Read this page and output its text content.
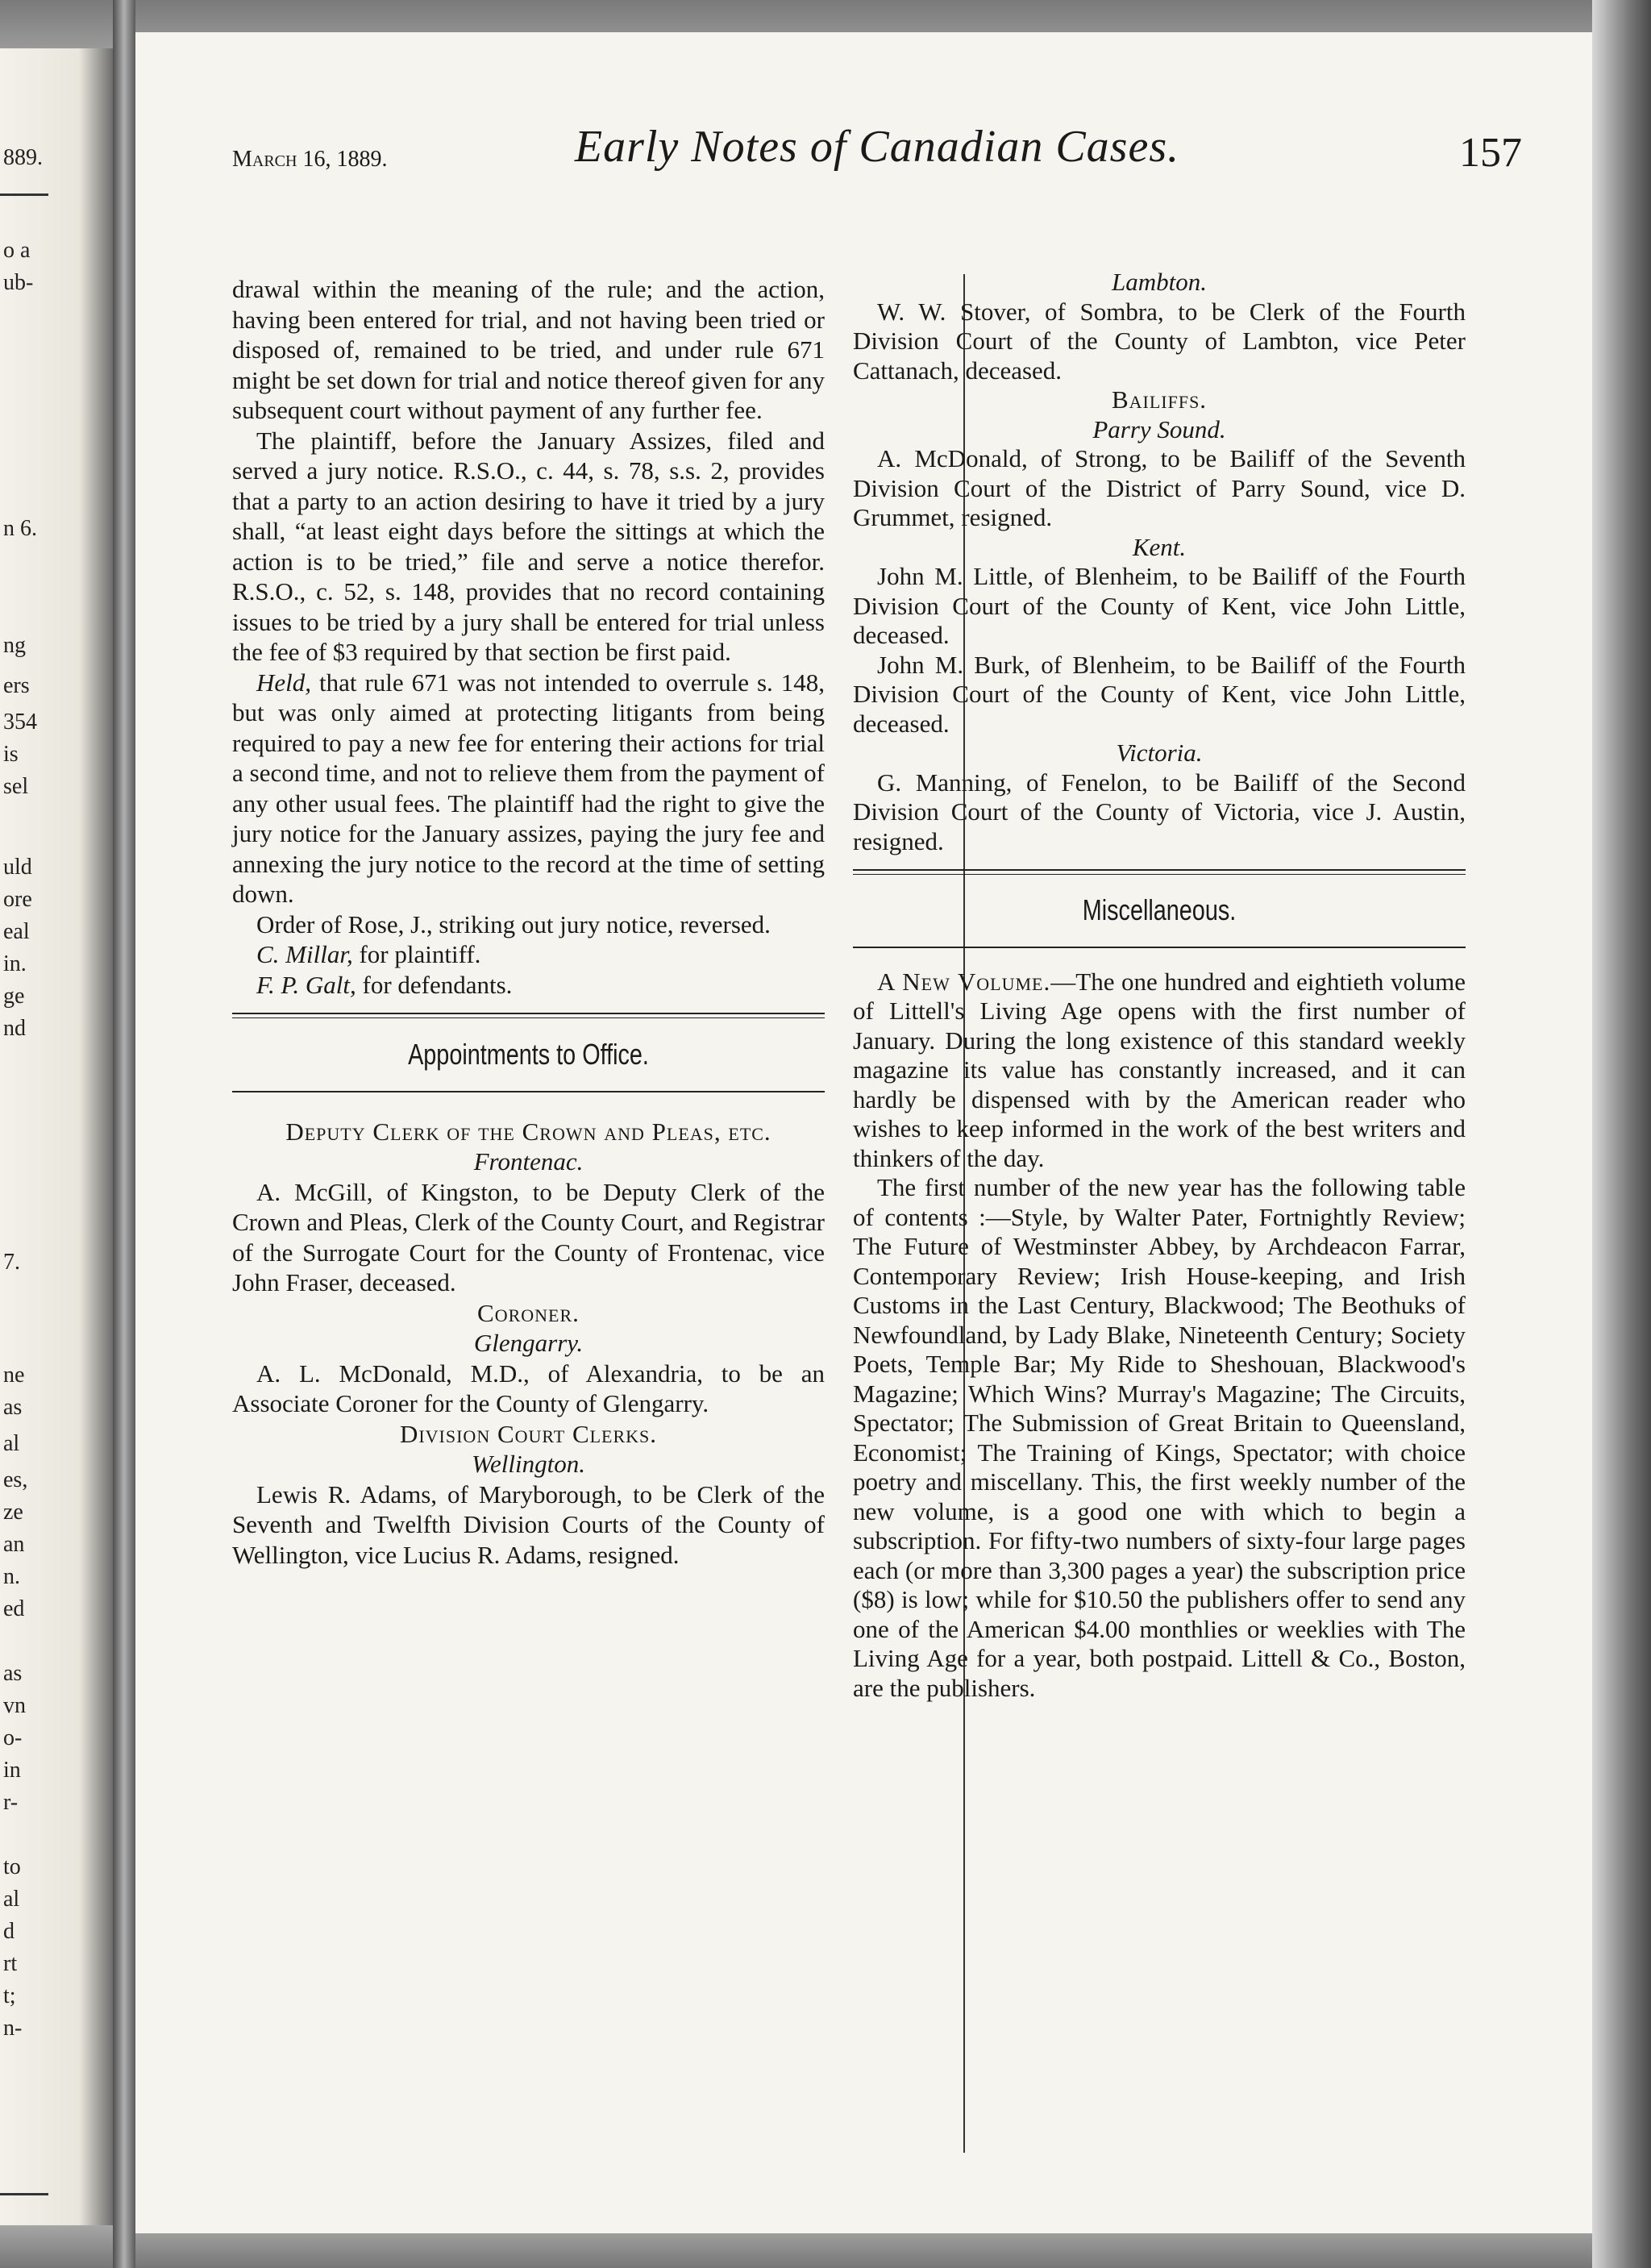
889.
o a
ub-
n 6.
ng
ers
354
is
sel
uld
ore
eal
in.
ge
nd
7.
ne
as
al
es,
ze
an
n.
ed
as
vn
o-
in
r-
to
al
d
rt
t;
n-
March 16, 1889.	Early Notes of Canadian Cases.	157

drawal within the meaning of the rule; and the action, having been entered for trial, and not having been tried or disposed of, remained to be tried, and under rule 671 might be set down for trial and notice thereof given for any subsequent court without payment of any further fee.

The plaintiff, before the January Assizes, filed and served a jury notice. R.S.O., c. 44, s. 78, s.s. 2, provides that a party to an action desiring to have it tried by a jury shall, “at least eight days before the sittings at which the action is to be tried,” file and serve a notice therefor. R.S.O., c. 52, s. 148, provides that no record containing issues to be tried by a jury shall be entered for trial unless the fee of $3 required by that section be first paid.

Held, that rule 671 was not intended to overrule s. 148, but was only aimed at protecting litigants from being required to pay a new fee for entering their actions for trial a second time, and not to relieve them from the payment of any other usual fees. The plaintiff had the right to give the jury notice for the January assizes, paying the jury fee and annexing the jury notice to the record at the time of setting down.

Order of Rose, J., striking out jury notice, reversed.

C. Millar, for plaintiff.

F. P. Galt, for defendants.

Appointments to Office.

Deputy Clerk of the Crown and Pleas, etc.

Frontenac.

A. McGill, of Kingston, to be Deputy Clerk of the Crown and Pleas, Clerk of the County Court, and Registrar of the Surrogate Court for the County of Frontenac, vice John Fraser, deceased.

Coroner.

Glengarry.

A. L. McDonald, M.D., of Alexandria, to be an Associate Coroner for the County of Glengarry.

Division Court Clerks.

Wellington.

Lewis R. Adams, of Maryborough, to be Clerk of the Seventh and Twelfth Division Courts of the County of Wellington, vice Lucius R. Adams, resigned.

Lambton.

W. W. Stover, of Sombra, to be Clerk of the Fourth Division Court of the County of Lambton, vice Peter Cattanach, deceased.

Bailiffs.

Parry Sound.

A. McDonald, of Strong, to be Bailiff of the Seventh Division Court of the District of Parry Sound, vice D. Grummet, resigned.

Kent.

John M. Little, of Blenheim, to be Bailiff of the Fourth Division Court of the County of Kent, vice John Little, deceased.

John M. Burk, of Blenheim, to be Bailiff of the Fourth Division Court of the County of Kent, vice John Little, deceased.

Victoria.

G. Manning, of Fenelon, to be Bailiff of the Second Division Court of the County of Victoria, vice J. Austin, resigned.

Miscellaneous.

A New Volume.—The one hundred and eightieth volume of Littell's Living Age opens with the first number of January. During the long existence of this standard weekly magazine its value has constantly increased, and it can hardly be dispensed with by the American reader who wishes to keep informed in the work of the best writers and thinkers of the day.

The first number of the new year has the following table of contents :—Style, by Walter Pater, Fortnightly Review; The Future of Westminster Abbey, by Archdeacon Farrar, Contemporary Review; Irish House-keeping, and Irish Customs in the Last Century, Blackwood; The Beothuks of Newfoundland, by Lady Blake, Nineteenth Century; Society Poets, Temple Bar; My Ride to Sheshouan, Blackwood's Magazine; Which Wins? Murray's Magazine; The Circuits, Spectator; The Submission of Great Britain to Queensland, Economist; The Training of Kings, Spectator; with choice poetry and miscellany. This, the first weekly number of the new volume, is a good one with which to begin a subscription. For fifty-two numbers of sixty-four large pages each (or more than 3,300 pages a year) the subscription price ($8) is low; while for $10.50 the publishers offer to send any one of the American $4.00 monthlies or weeklies with The Living Age for a year, both postpaid. Littell & Co., Boston, are the publishers.
